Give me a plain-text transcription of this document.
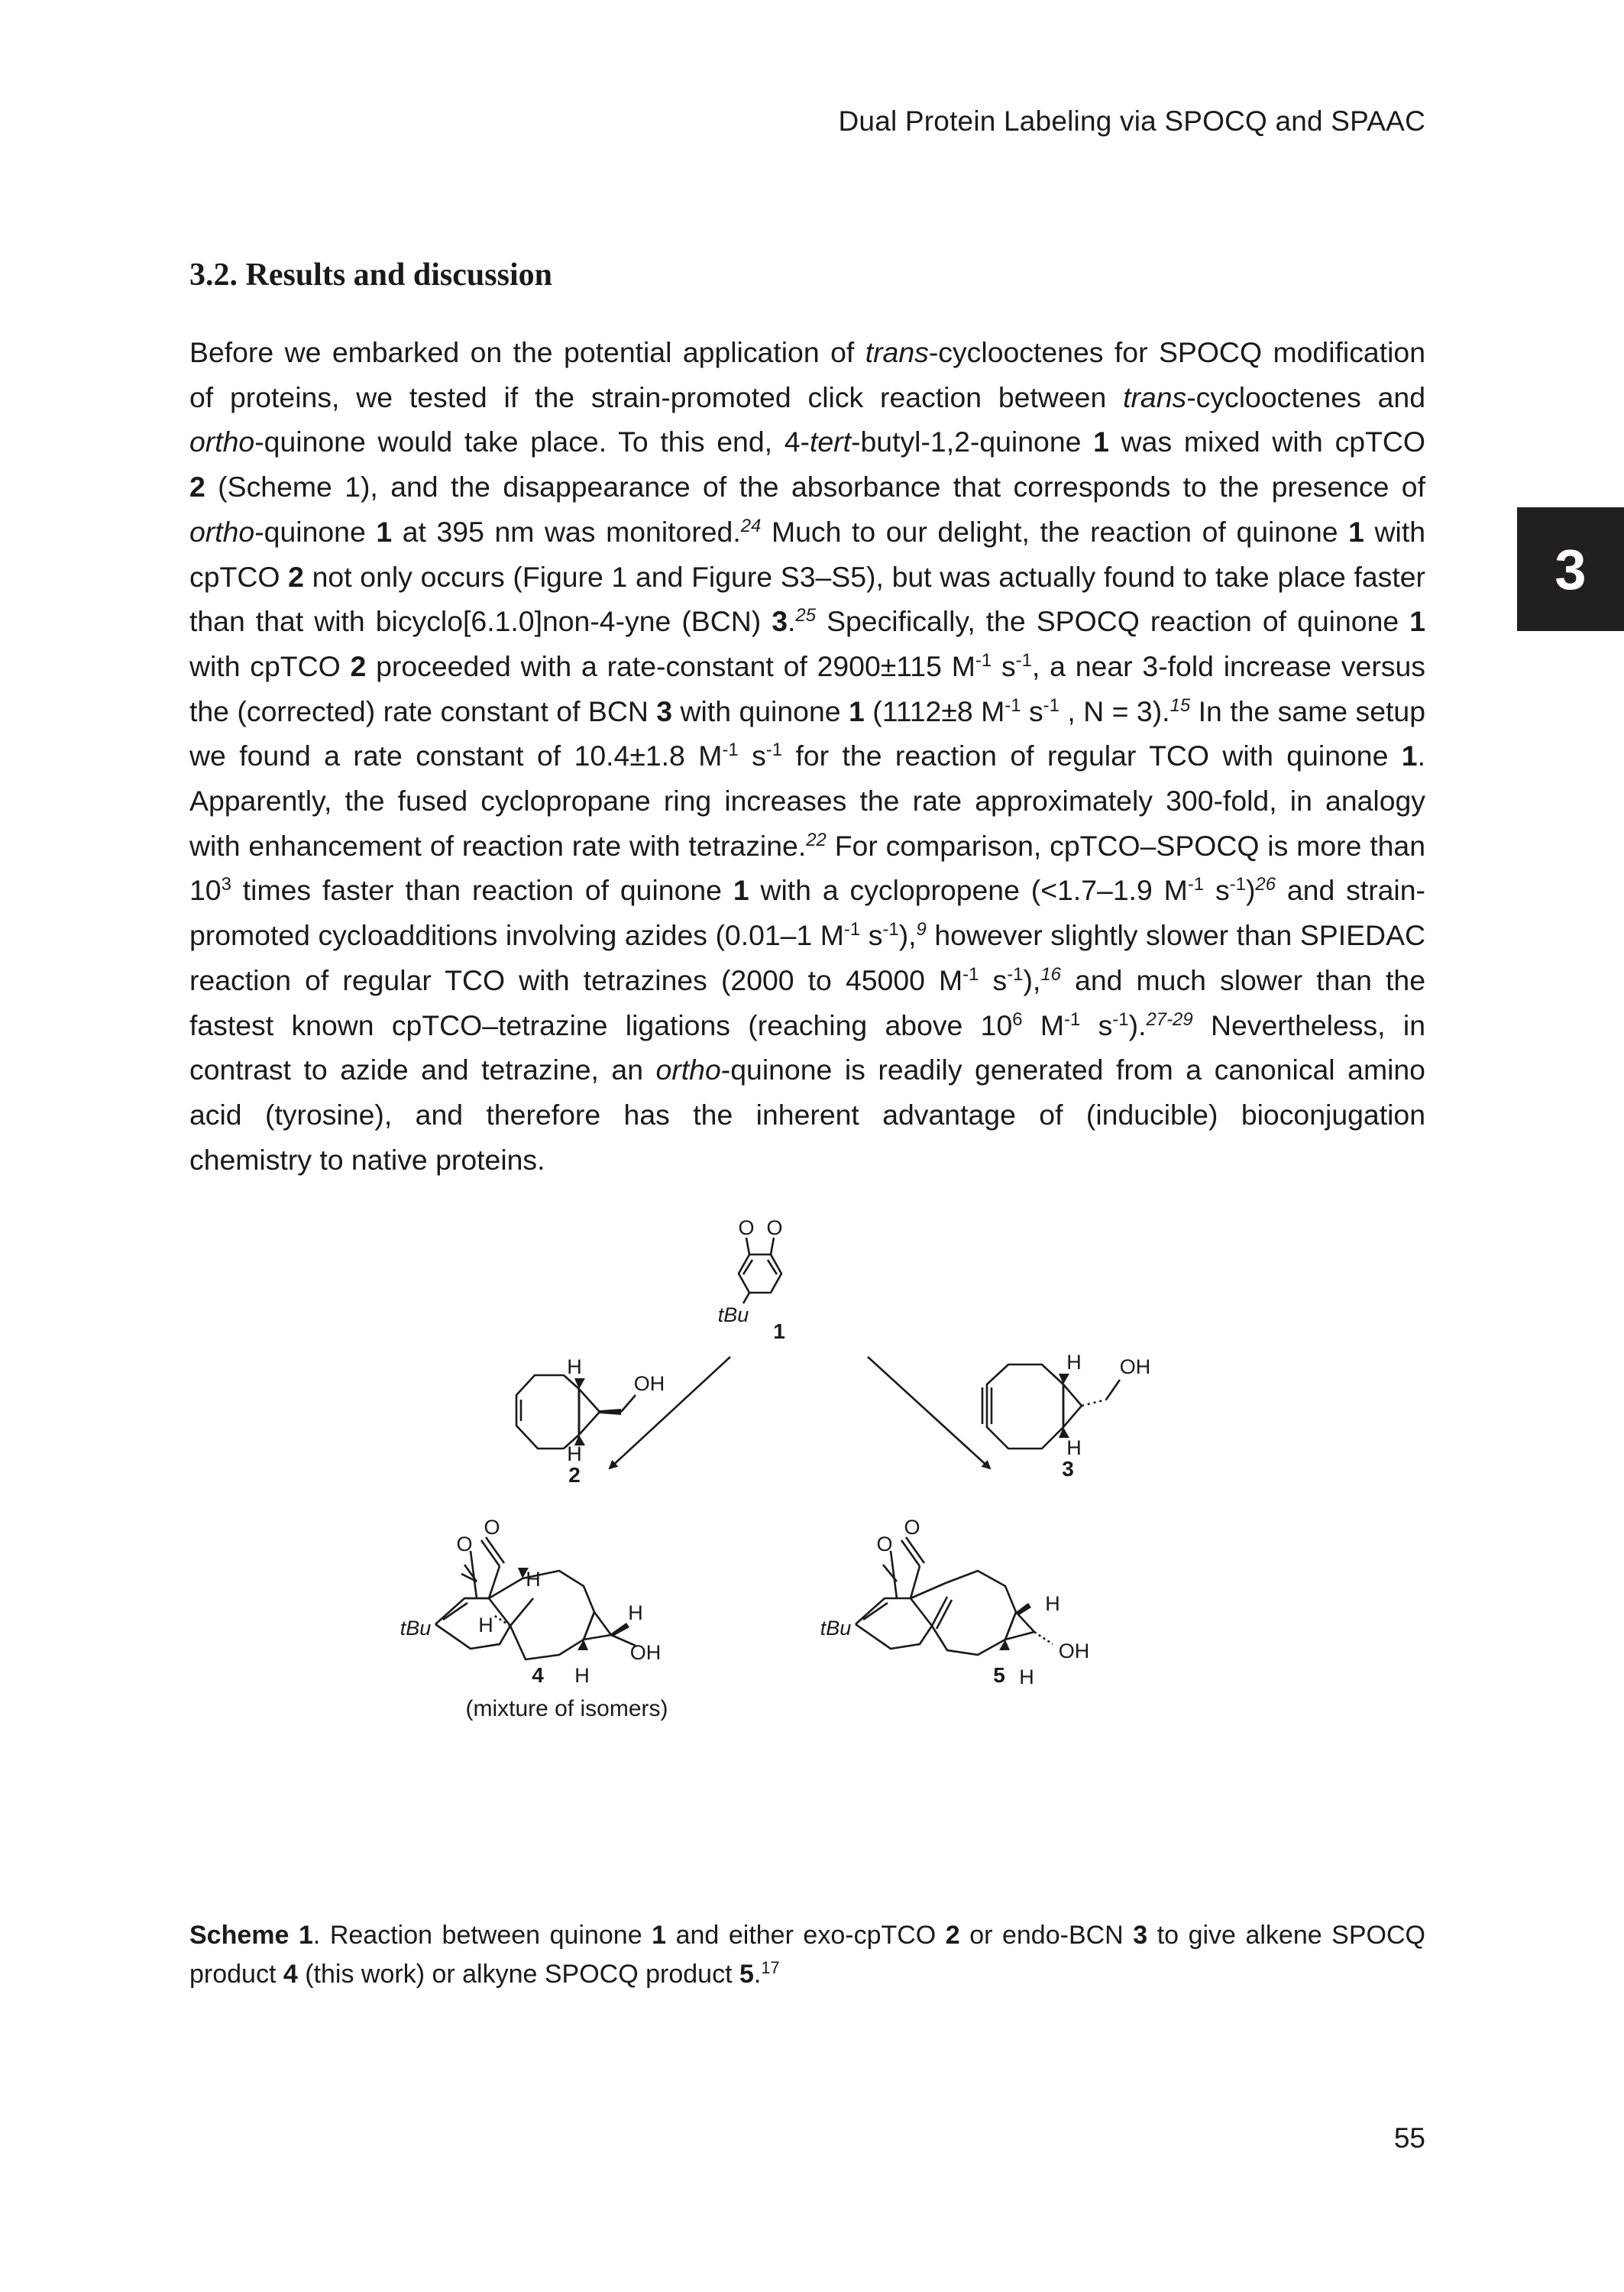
Dual Protein Labeling via SPOCQ and SPAAC
3
3.2. Results and discussion
Before we embarked on the potential application of trans-cyclooctenes for SPOCQ modification
of proteins, we tested if the strain-promoted click reaction between trans-cyclooctenes and
ortho-quinone would take place. To this end, 4-tert-butyl-1,2-quinone 1 was mixed with cpTCO
2 (Scheme 1), and the disappearance of the absorbance that corresponds to the presence of
ortho-quinone 1 at 395 nm was monitored.$^{24}$ Much to our delight, the reaction of quinone 1 with
cpTCO 2 not only occurs (Figure 1 and Figure S3–S5), but was actually found to take place faster
than that with bicyclo[6.1.0]non-4-yne (BCN) 3.25 Specifically, the SPOCQ reaction of quinone 1
with cpTCO 2 proceeded with a rate-constant of 2900±115 $M^{-1}$ $s^{-1}$, a near 3-fold increase versus
the (corrected) rate constant of BCN 3 with quinone 1 (1112±8 $M^{-1}$ $s^{-1}$ , N = 3).$^{15}$ In the same setup
we found a rate constant of 10.4±1.8 $M^{-1}$ $s^{-1}$ for the reaction of regular TCO with quinone 1.
Apparently, the fused cyclopropane ring increases the rate approximately 300-fold, in analogy
with enhancement of reaction rate with tetrazine.$^{22}$ For comparison, cpTCO–SPOCQ is more than
$10^3$ times faster than reaction of quinone 1 with a cyclopropene (<1.7–1.9 $M^{-1}$ $s^{-1})^{26}$ and strain-
promoted cycloadditions involving azides (0.01–1 $M^{-1}$ $s^{-1}),^9$ however slightly slower than SPIEDAC
reaction of regular TCO with tetrazines (2000 to 45000 $M^{-1}$ $s^{-1}),^{16}$ and much slower than the
fastest known cpTCO–tetrazine ligations (reaching above $10^6$ $M^{-1}$ $s^{-1}).^{27-29}$ Nevertheless, in
contrast to azide and tetrazine, an ortho-quinone is readily generated from a canonical amino
acid (tyrosine), and therefore has the inherent advantage of (inducible) bioconjugation
chemistry to native proteins.
O O
tBu
1
H
H
OH
2
H
H
OH
3
O
O
H
H
H
OH
tBu
4 H
(mixture of isomers)
O
O
H
OH
tBu
5 H
Scheme 1. Reaction between quinone 1 and either exo-cpTCO 2 or endo-BCN 3 to give alkene SPOCQ
product 4 (this work) or alkyne SPOCQ product 5.17
55
